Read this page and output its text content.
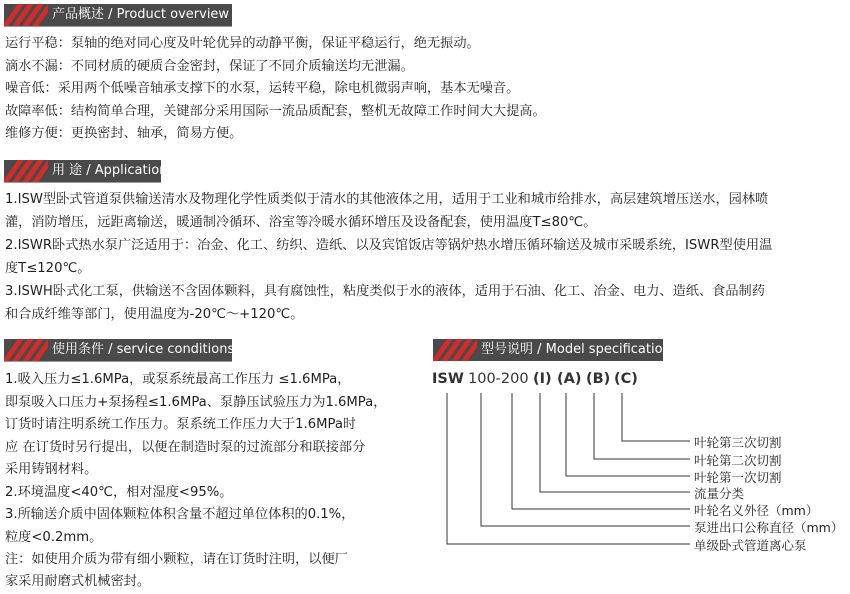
产品概述 / Product overview
运行平稳：泵轴的绝对同心度及叶轮优异的动静平衡，保证平稳运行，绝无振动。
滴水不漏：不同材质的硬质合金密封，保证了不同介质输送均无泄漏。
噪音低：采用两个低噪音轴承支撑下的水泵，运转平稳，除电机微弱声响，基本无噪音。
故障率低：结构简单合理，关键部分采用国际一流品质配套，整机无故障工作时间大大提高。
维修方便：更换密封、轴承，简易方便。
用 途 / Application
1.ISW型卧式管道泵供输送清水及物理化学性质类似于清水的其他液体之用，适用于工业和城市给排水，高层建筑增压送水，园林喷
灌，消防增压，远距离输送，暖通制冷循环、浴室等冷暖水循环增压及设备配套，使用温度T≤80℃。
2.ISWR卧式热水泵广泛适用于：冶金、化工、纺织、造纸、以及宾馆饭店等锅炉热水增压循环输送及城市采暖系统，ISWR型使用温
度T≤120℃。
3.ISWH卧式化工泵，供输送不含固体颗料，具有腐蚀性，粘度类似于水的液体，适用于石油、化工、冶金、电力、造纸、食品制药
和合成纤维等部门，使用温度为-20℃～+120℃。
使用条件 / service conditions
1.吸入压力≤1.6MPa，或泵系统最高工作压力 ≤1.6MPa，
即泵吸入口压力+泵扬程≤1.6MPa、泵静压试验压力为1.6MPa，
订货时请注明系统工作压力。泵系统工作压力大于1.6MPa时
应 在订货时另行提出，以便在制造时泵的过流部分和联接部分
采用铸钢材料。
2.环境温度<40℃，相对湿度<95%。
3.所输送介质中固体颗粒体积含量不超过单位体积的0.1%，
粒度<0.2mm。
注：如使用介质为带有细小颗粒，请在订货时注明，以便厂
家采用耐磨式机械密封。
型号说明 / Model specification
ISW 100-200 (I) (A) (B) (C)
叶轮第三次切割
叶轮第二次切割
叶轮第一次切割
流量分类
叶轮名义外径（mm）
泵进出口公称直径（mm）
单级卧式管道离心泵
